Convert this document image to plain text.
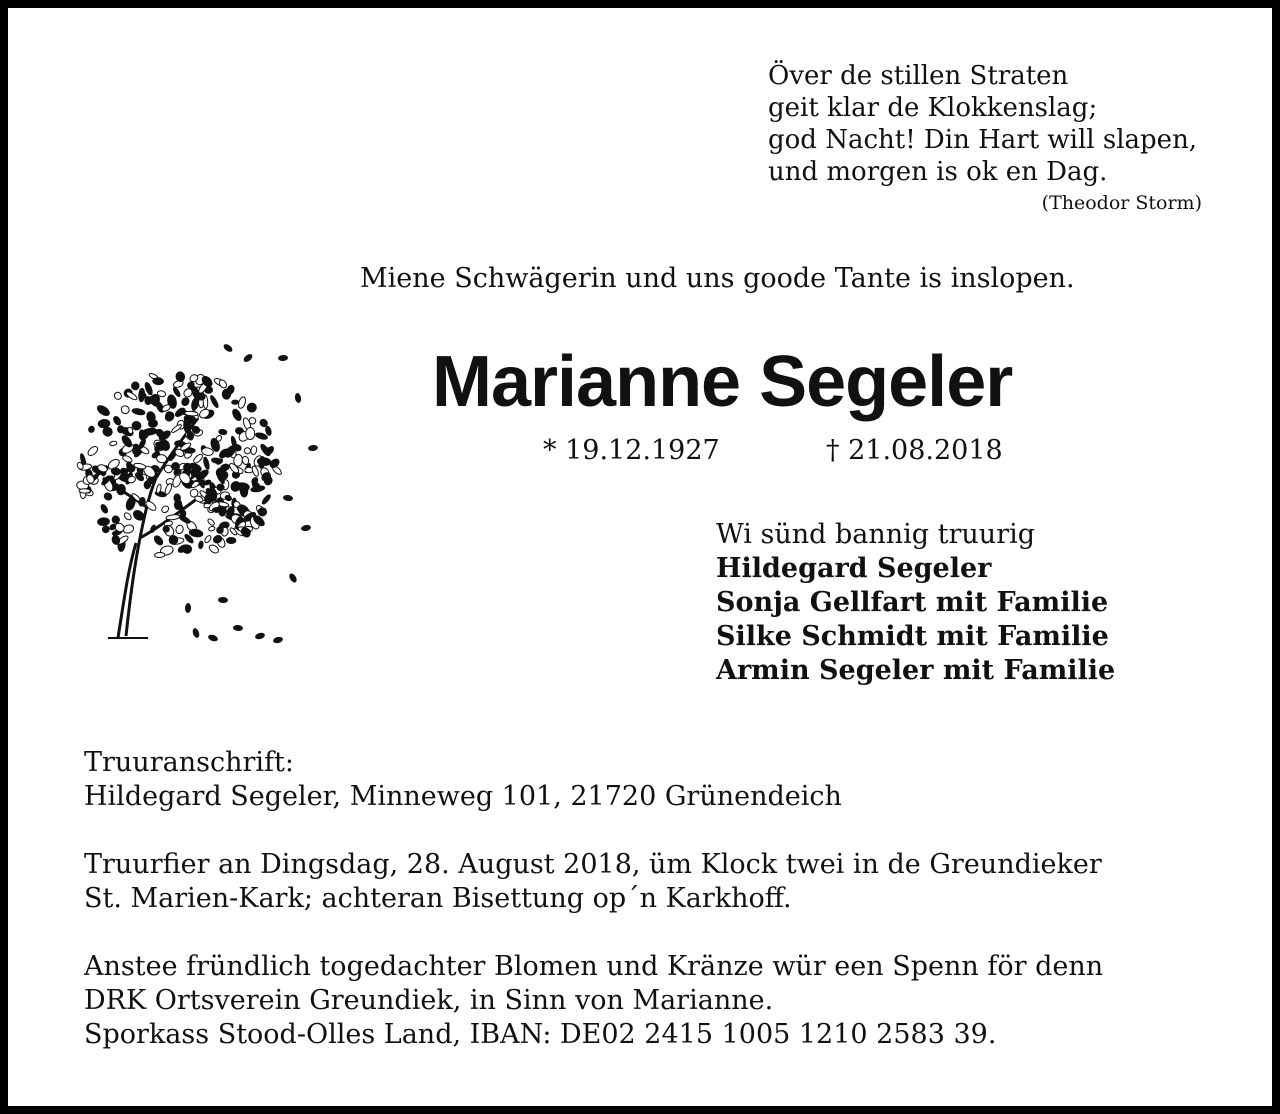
Över de stillen Straten
geit klar de Klokkenslag;
god Nacht! Din Hart will slapen,
und morgen is ok en Dag.
(Theodor Storm)
Miene Schwägerin und uns goode Tante is inslopen.
Marianne Segeler
* 19.12.1927	† 21.08.2018
Wi sünd bannig truurig
Hildegard Segeler
Sonja Gellfart mit Familie
Silke Schmidt mit Familie
Armin Segeler mit Familie
Truuranschrift:
Hildegard Segeler, Minneweg 101, 21720 Grünendeich
Truurfier an Dingsdag, 28. August 2018, üm Klock twei in de Greundieker
St. Marien-Kark; achteran Bisettung op´n Karkhoff.
Anstee fründlich togedachter Blomen und Kränze wür een Spenn för denn
DRK Ortsverein Greundiek, in Sinn von Marianne.
Sporkass Stood-Olles Land, IBAN: DE02 2415 1005 1210 2583 39.
